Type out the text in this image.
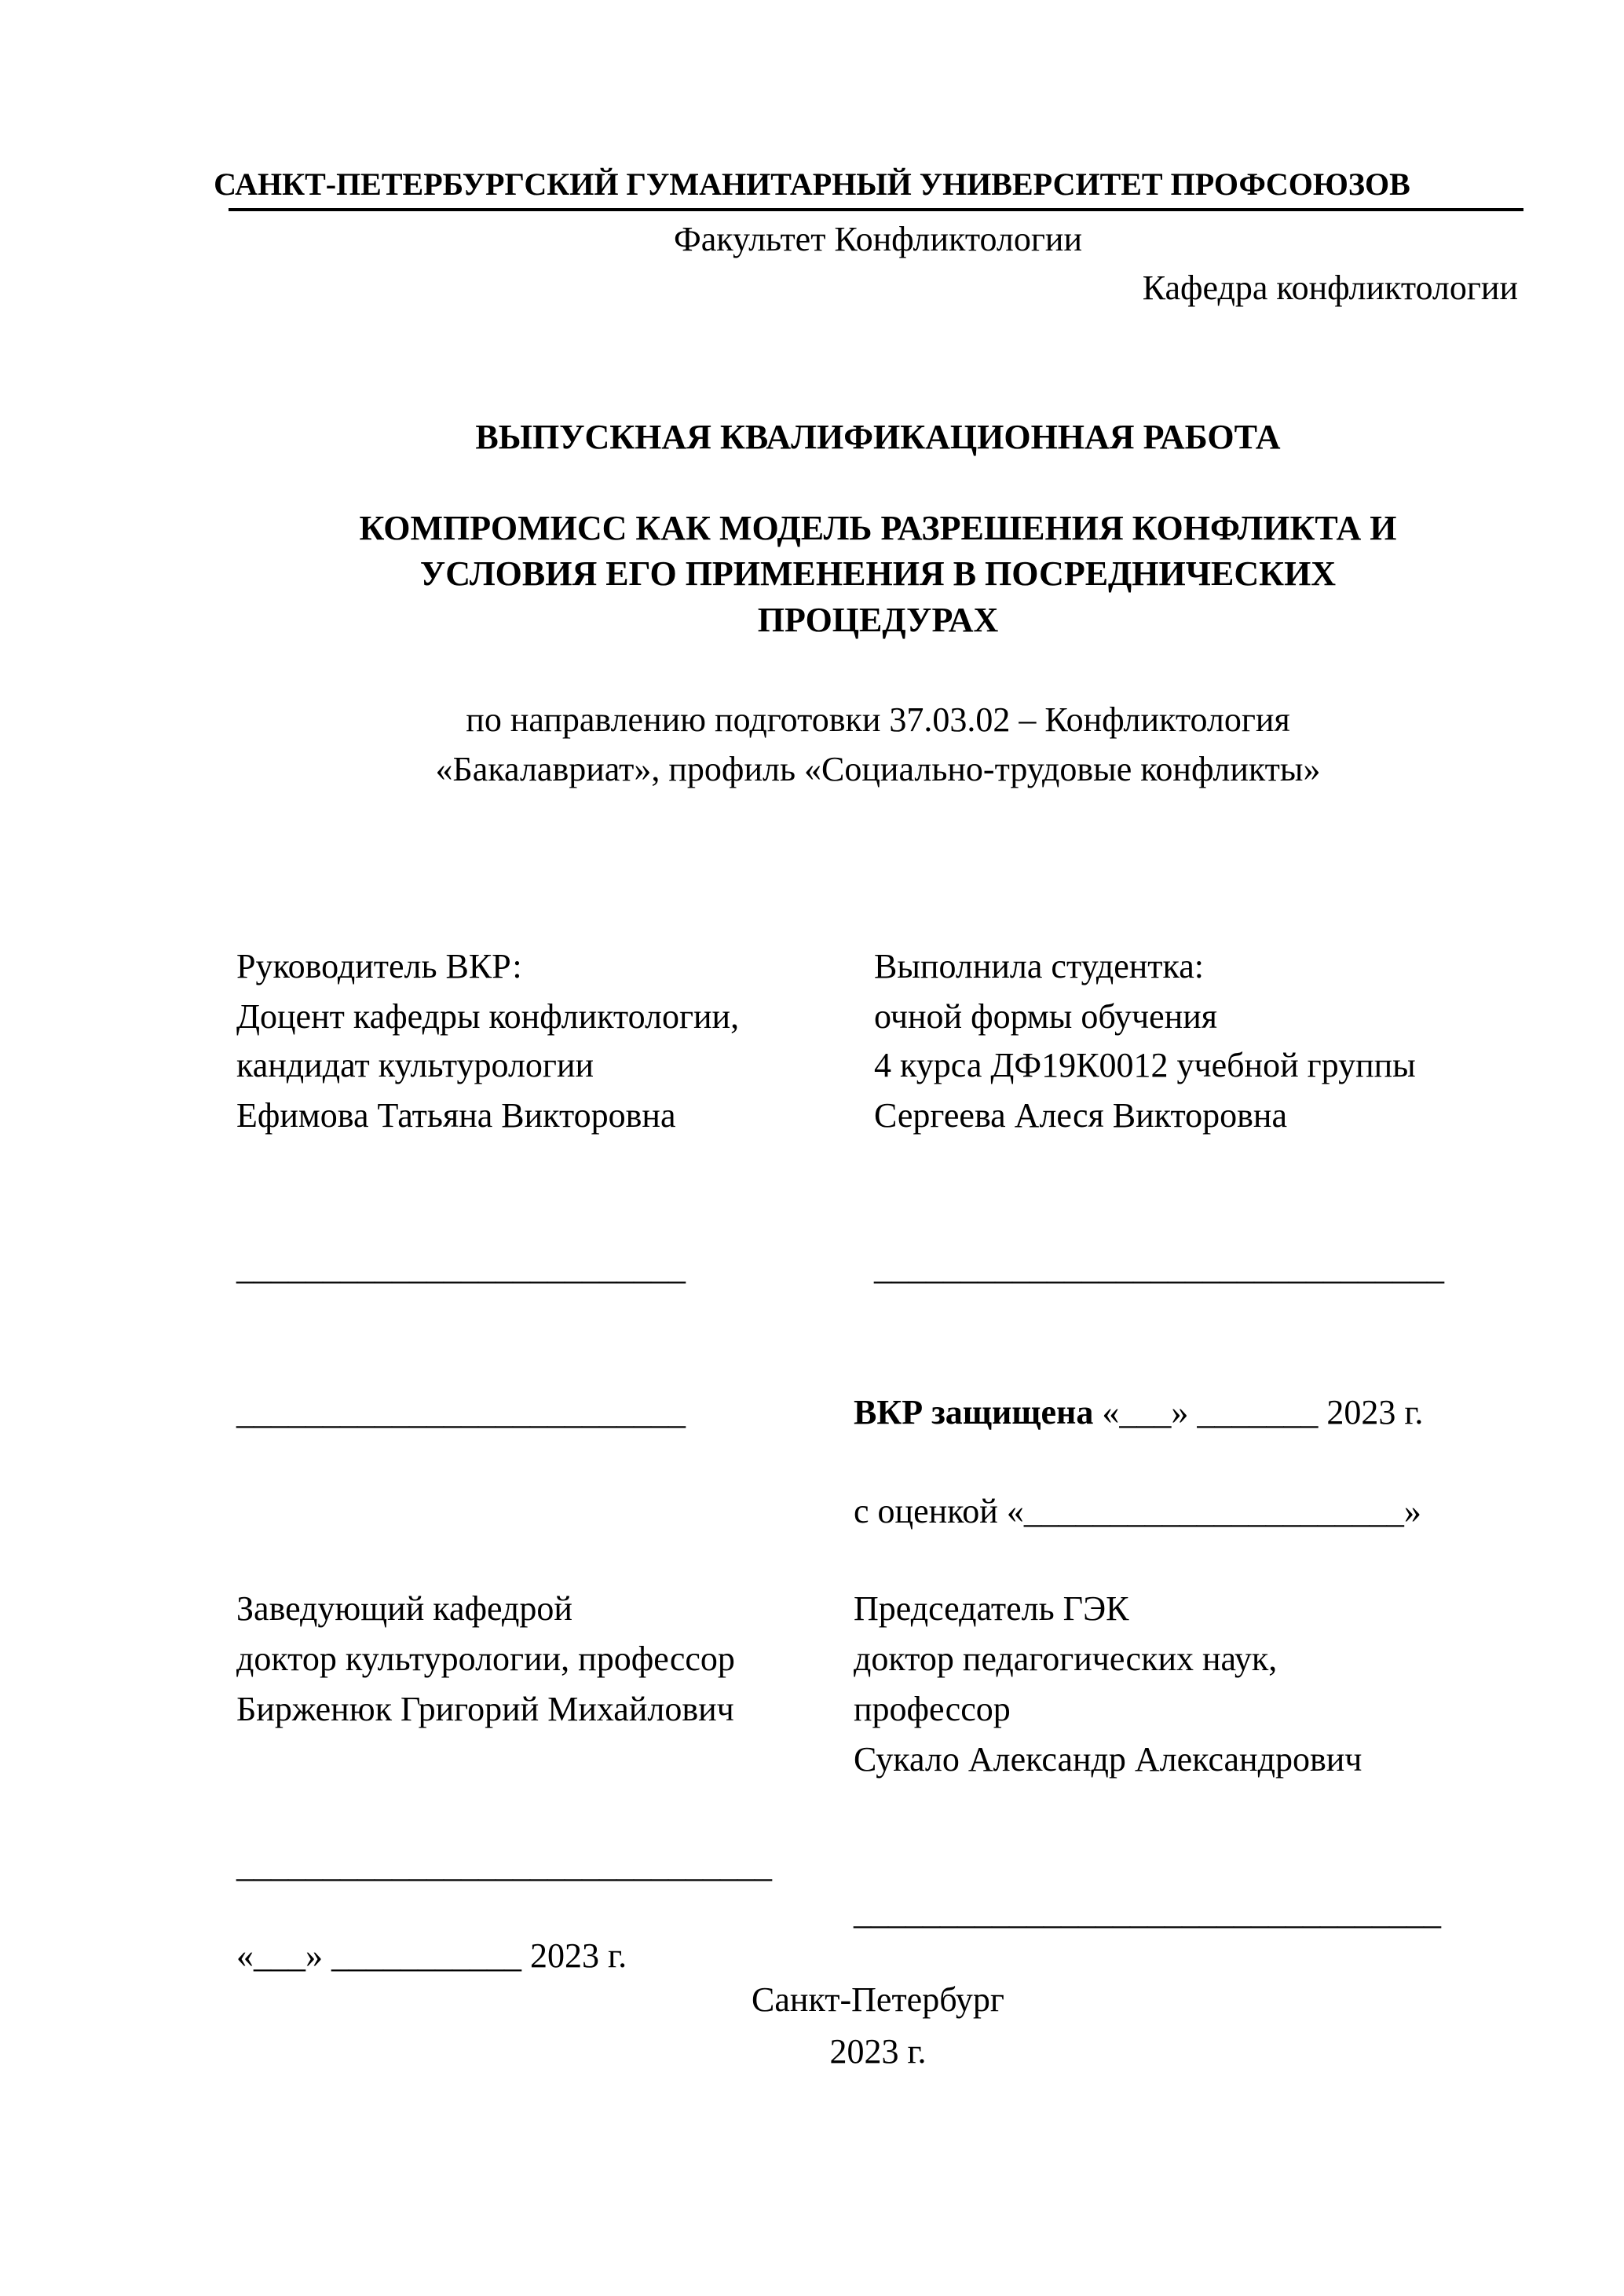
САНКТ-ПЕТЕРБУРГСКИЙ ГУМАНИТАРНЫЙ УНИВЕРСИТЕТ ПРОФСОЮЗОВ
Факультет Конфликтологии
Кафедра конфликтологии
ВЫПУСКНАЯ КВАЛИФИКАЦИОННАЯ РАБОТА
КОМПРОМИСС КАК МОДЕЛЬ РАЗРЕШЕНИЯ КОНФЛИКТА И
УСЛОВИЯ ЕГО ПРИМЕНЕНИЯ В ПОСРЕДНИЧЕСКИХ
ПРОЦЕДУРАХ
по направлению подготовки 37.03.02 – Конфликтология
«Бакалавриат», профиль «Социально-трудовые конфликты»
Руководитель ВКР:
Доцент кафедры конфликтологии,
кандидат культурологии
Ефимова Татьяна Викторовна
__________________________
__________________________
Выполнила студентка:
очной формы обучения
4 курса ДФ19К0012 учебной группы
Сергеева Алеся Викторовна
_________________________________
ВКР защищена «___» _______ 2023 г.
с оценкой «______________________»
Заведующий кафедрой
доктор культурологии, профессор
Бирженюк Григорий Михайлович
_______________________________
«___» ___________ 2023 г.
Председатель ГЭК
доктор педагогических наук,
профессор
Сукало Александр Александрович
__________________________________
Санкт-Петербург
2023 г.
